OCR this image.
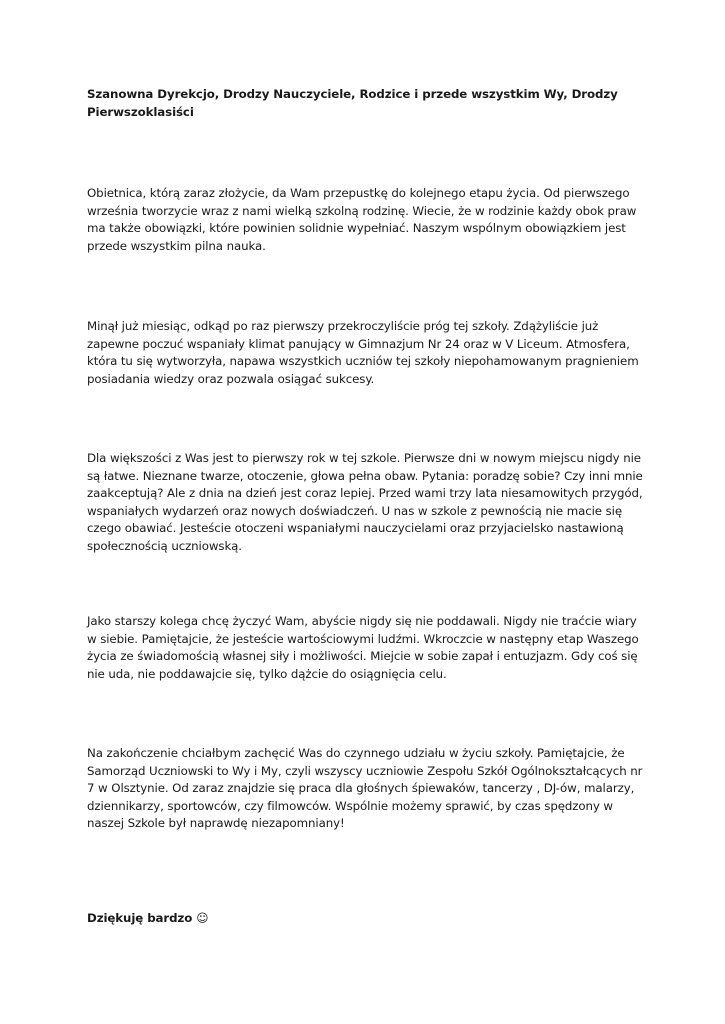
Szanowna Dyrekcjo, Drodzy Nauczyciele, Rodzice i przede wszystkim Wy, Drodzy Pierwszoklasiści
Obietnica, którą zaraz złożycie, da Wam przepustkę do kolejnego etapu życia. Od pierwszego września tworzycie wraz z nami wielką szkolną rodzinę. Wiecie, że w rodzinie każdy obok praw ma także obowiązki, które powinien solidnie wypełniać. Naszym wspólnym obowiązkiem jest przede wszystkim pilna nauka.
Minął już miesiąc, odkąd po raz pierwszy przekroczyliście próg tej szkoły. Zdążyliście już zapewne poczuć wspaniały klimat panujący w Gimnazjum Nr 24 oraz w V Liceum. Atmosfera, która tu się wytworzyła, napawa wszystkich uczniów tej szkoły niepohamowanym pragnieniem posiadania wiedzy oraz pozwala osiągać sukcesy.
Dla większości z Was jest to pierwszy rok w tej szkole. Pierwsze dni w nowym miejscu nigdy nie są łatwe. Nieznane twarze, otoczenie, głowa pełna obaw. Pytania: poradzę sobie? Czy inni mnie zaakceptują? Ale z dnia na dzień jest coraz lepiej. Przed wami trzy lata niesamowitych przygód, wspaniałych wydarzeń oraz nowych doświadczeń. U nas w szkole z pewnością nie macie się czego obawiać. Jesteście otoczeni wspaniałymi nauczycielami oraz przyjacielsko nastawioną społecznością uczniowską.
Jako starszy kolega chcę życzyć Wam, abyście nigdy się nie poddawali. Nigdy nie traćcie wiary w siebie. Pamiętajcie, że jesteście wartościowymi ludźmi. Wkroczcie w następny etap Waszego życia ze świadomością własnej siły i możliwości. Miejcie w sobie zapał i entuzjazm. Gdy coś się nie uda, nie poddawajcie się, tylko dążcie do osiągnięcia celu.
Na zakończenie chciałbym zachęcić Was do czynnego udziału w życiu szkoły. Pamiętajcie, że Samorząd Uczniowski to Wy i My, czyli wszyscy uczniowie Zespołu Szkół Ogólnokształcących nr 7 w Olsztynie. Od zaraz znajdzie się praca dla głośnych śpiewaków, tancerzy , DJ-ów, malarzy, dziennikarzy, sportowców, czy filmowców. Wspólnie możemy sprawić, by czas spędzony w naszej Szkole był naprawdę niezapomniany!
Dziękuję bardzo ☺
